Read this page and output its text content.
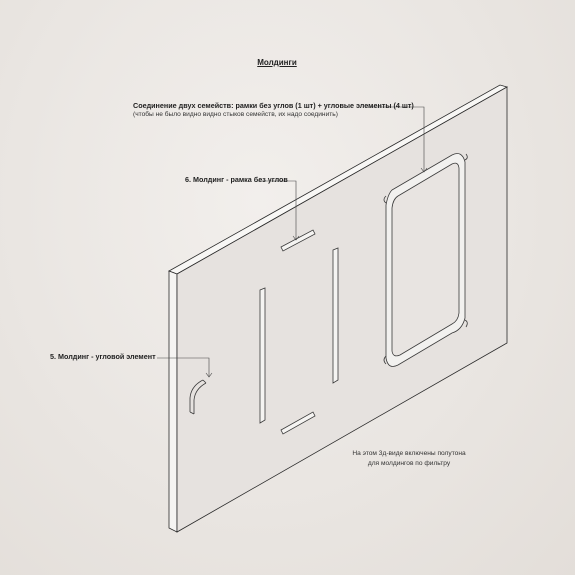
Молдинги
Соединение двух семейств: рамки без углов (1 шт) + угловые элементы (4 шт)
(чтобы не было видно видно стыков семейств, их надо соединить)
6. Молдинг - рамка без углов
5. Молдинг - угловой элемент
На этом 3д-виде включены полутона
для молдингов по фильтру
